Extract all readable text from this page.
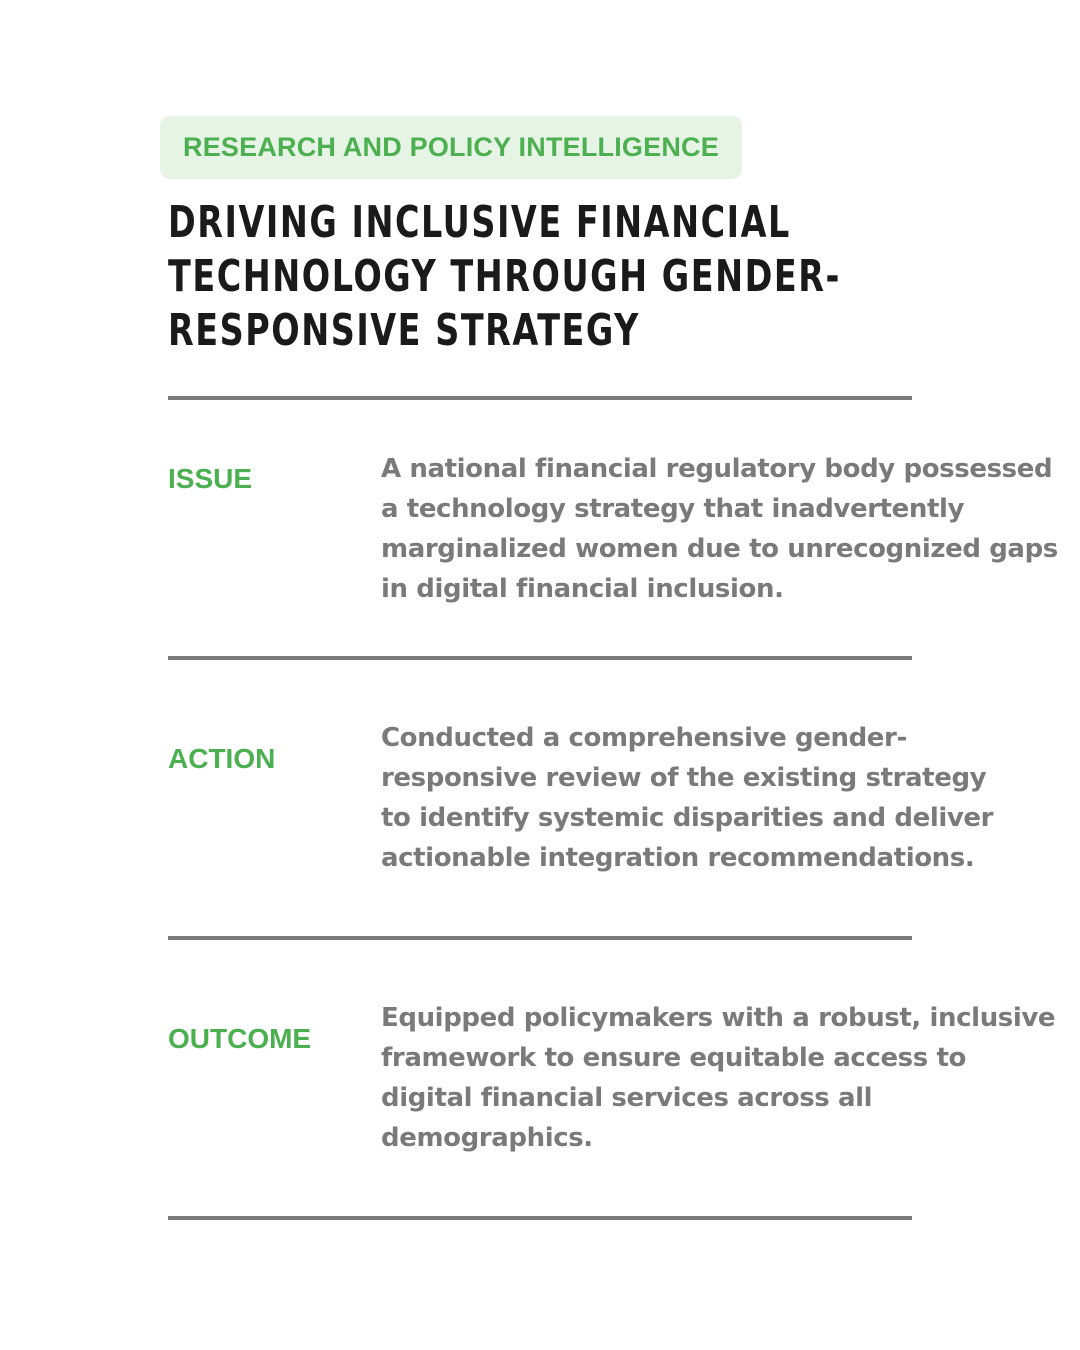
RESEARCH AND POLICY INTELLIGENCE
DRIVING INCLUSIVE FINANCIAL
TECHNOLOGY THROUGH GENDER-
RESPONSIVE STRATEGY
ISSUE	A national financial regulatory body possessed
a technology strategy that inadvertently
marginalized women due to unrecognized gaps
in digital financial inclusion.

ACTION

Conducted a comprehensive gender-
responsive review of the existing strategy
to identify systemic disparities and deliver
actionable integration recommendations.

OUTCOME

Equipped policymakers with a robust, inclusive
framework to ensure equitable access to
digital financial services across all
demographics.
